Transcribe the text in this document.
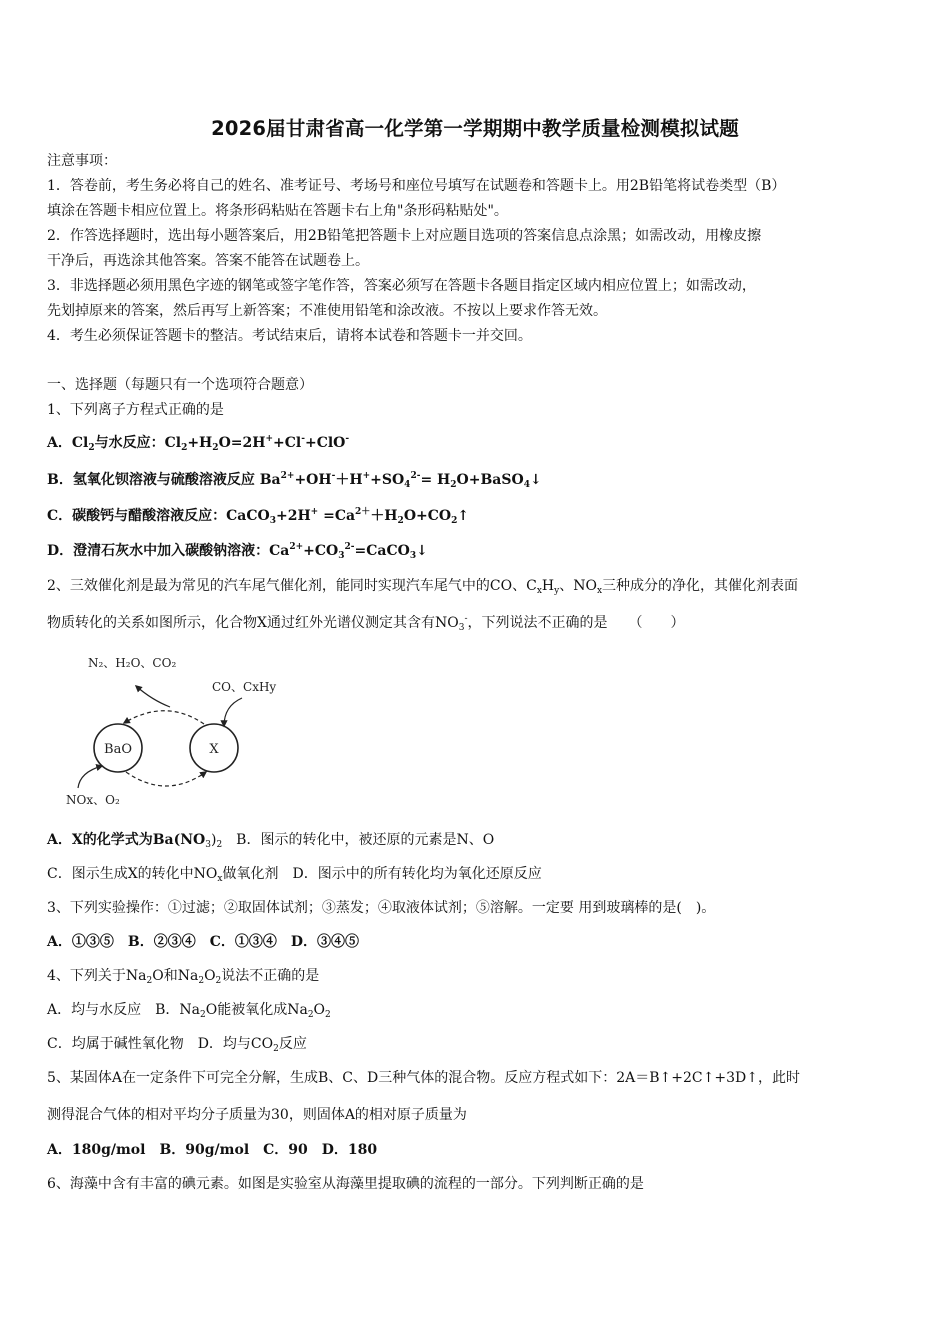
2026届甘肃省高一化学第一学期期中教学质量检测模拟试题
注意事项：
1．答卷前，考生务必将自己的姓名、准考证号、考场号和座位号填写在试题卷和答题卡上。用2B铅笔将试卷类型（B）
填涂在答题卡相应位置上。将条形码粘贴在答题卡右上角"条形码粘贴处"。
2．作答选择题时，选出每小题答案后，用2B铅笔把答题卡上对应题目选项的答案信息点涂黑；如需改动，用橡皮擦
干净后，再选涂其他答案。答案不能答在试题卷上。
3．非选择题必须用黑色字迹的钢笔或签字笔作答，答案必须写在答题卡各题目指定区域内相应位置上；如需改动，
先划掉原来的答案，然后再写上新答案；不准使用铅笔和涂改液。不按以上要求作答无效。
4．考生必须保证答题卡的整洁。考试结束后，请将本试卷和答题卡一并交回。
一、选择题（每题只有一个选项符合题意）
1、下列离子方程式正确的是
A．$Cl_2$与水反应：$Cl_2+H_2O=2H^++Cl^-+ClO^-$
B．氢氧化钡溶液与硫酸溶液反应 $Ba^{2+}+OH^-+H^++SO_4^{2-}=$ $H_2O+BaSO_4↓$
C．碳酸钙与醋酸溶液反应：CaCO$_3$+2H+ $=Ca^{2+}+H_2O+CO_2↑$
D．澄清石灰水中加入碳酸钠溶液：$Ca^{2+}+CO_3^{2-}=CaCO_3↓$
2、三效催化剂是最为常见的汽车尾气催化剂，能同时实现汽车尾气中的CO、$C_xH_y$、$NO_x$三种成分的净化，其催化剂表面
物质转化的关系如图所示，化合物X通过红外光谱仪测定其含有$NO_3^-$，下列说法不正确的是　　（　　）
N₂、H₂O、CO₂
CO、CxHy
NOx、O₂
BaO	X
A．X的化学式为$Ba(NO_3)_2$　B．图示的转化中，被还原的元素是N、O
C．图示生成X的转化中$NO_x$做氧化剂　D．图示中的所有转化均为氧化还原反应
3、下列实验操作：①过滤；②取固体试剂；③蒸发；④取液体试剂；⑤溶解。一定要 用到玻璃棒的是(　)。
A．①③⑤　B．②③④　C．①③④　D．③④⑤
4、下列关于$Na_2O$和$Na_2O_2$说法不正确的是
A．均与水反应　B．$Na_2O$能被氧化成$Na_2O_2$
C．均属于碱性氧化物　D．均与$CO_2$反应
5、某固体A在一定条件下可完全分解，生成B、C、D三种气体的混合物。反应方程式如下：2A＝B↑+2C↑+3D↑，此时
测得混合气体的相对平均分子质量为30，则固体A的相对原子质量为
A．180g/mol　B．90g/mol　C．90　D．180
6、海藻中含有丰富的碘元素。如图是实验室从海藻里提取碘的流程的一部分。下列判断正确的是
